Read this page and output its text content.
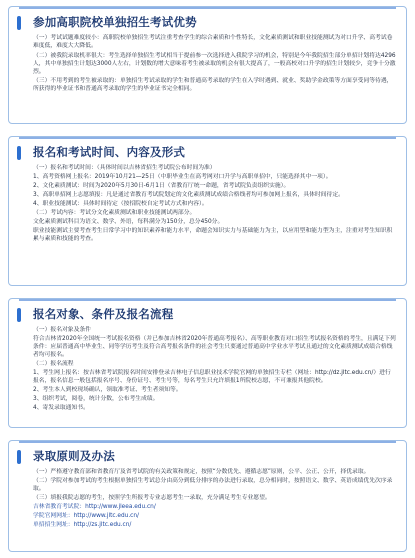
参加高职院校单独招生考试优势

（一）考试试题难度较小：高职院校单独招生考试注重考查学生的综合素质和个性特长，文化素质测试和职业技能测试为对口升学、高考试卷难度低，难度大大降低。

（二）被我院录取机率很大：考生选择单独招生考试相当于提前参一次选择进入我院学习的机会，特别是今年我院招生部分单招计划将达4296人，其中单独招生计划达3000人左右，计划数的增大意味着考生被录取的机会有很大提高了，一般高校对口升学的招生计划较少，竞争十分激烈。

（三）不用考到的考生被录取的：单独招生考试录取的学生和普通高考录取的学生在入学时遇到、就业、奖助学金政策等方面享受同等待遇，所获得的毕业证书和普通高考录取的学生的毕业证书完全相同。

报名和考试时间、内容及形式

（一）报名和考试时间：（具体时间以吉林省招生考试院公布时间为准）

1、高考资格网上报名：2019年10月21—25日（中职毕业生在高考网对口升学与高职单招中，只能选择其中一项）。

2、文化素质测试：时间为2020年5月30日-6月1日（省教育厅统一命题，省考试院负责组织实施）。

3、高职单招网上志愿填报：凡是通过省教育考试院划定的文化素质测试成绩合格线者均可参加网上报名，具体时间待定。

4、职业技能测试：具体时间待定（按招院校自定考试方式和内容）。

（二）考试内容：考试分文化素质测试和职业技能测试两部分。

文化素质测试科目为语文、数学、外语，每科满分为150分，总分450分。

职业技能测试主要考查考生日常学习中的知识素养和能力水平，命题会知识实力与基础能力为主，以应用型和能力型为主，注重对考生知识积累与素质和技能的考查。

报名对象、条件及报名流程

（一）报名对象及条件

符合吉林省2020年全国统一考试报名资格（并已参加吉林省2020年普通高考报名）、高等职业教育对口招生考试报名资格的考生，且满足下列条件：应届普通高中毕业生、同等学历考生及符合高考报名条件的社会考生只要通过普通高中学业水平考试且通过的文化素质测试成绩合格线者均可报名。

（二）报名流程

1、考生网上报名：按吉林省考试院报名时间安排登录吉林电子信息职业技术学院官网的单独招生专栏（网址：http://dz.jltc.edu.cn/）进行报名，报名信息一般包括报名序号、身份证号、考生号等，每名考生只允许填报1所院校志愿，不可兼报其他院校。

2、考生本人到校现场确认，领取准考证、考生者须知等。

3、组织考试，阅卷，统计分数，公布考生成绩。

4、寄发录取通知书。

录取原则及办法

（一）严格遵守教育部和省教育厅及省考试院的有关政策和规定，按照“分数优先、遵循志愿”原则，公平、公正、公开，择优录取。

（二）学院对参加考试的考生根据单独招生考试总分由高分到低分排序的办法进行录取，总分相同时，按照语文、数学、英语成绩优先次序录取。

（三）填报我院志愿的考生，按照学生所报考专业志愿考生一录取，充分满足考生专业愿望。

吉林省教育考试院：http://www.jleea.edu.cn/

学院官网网址：http://www.jltc.edu.cn/

单招招生网址：http://zs.jltc.edu.cn/
